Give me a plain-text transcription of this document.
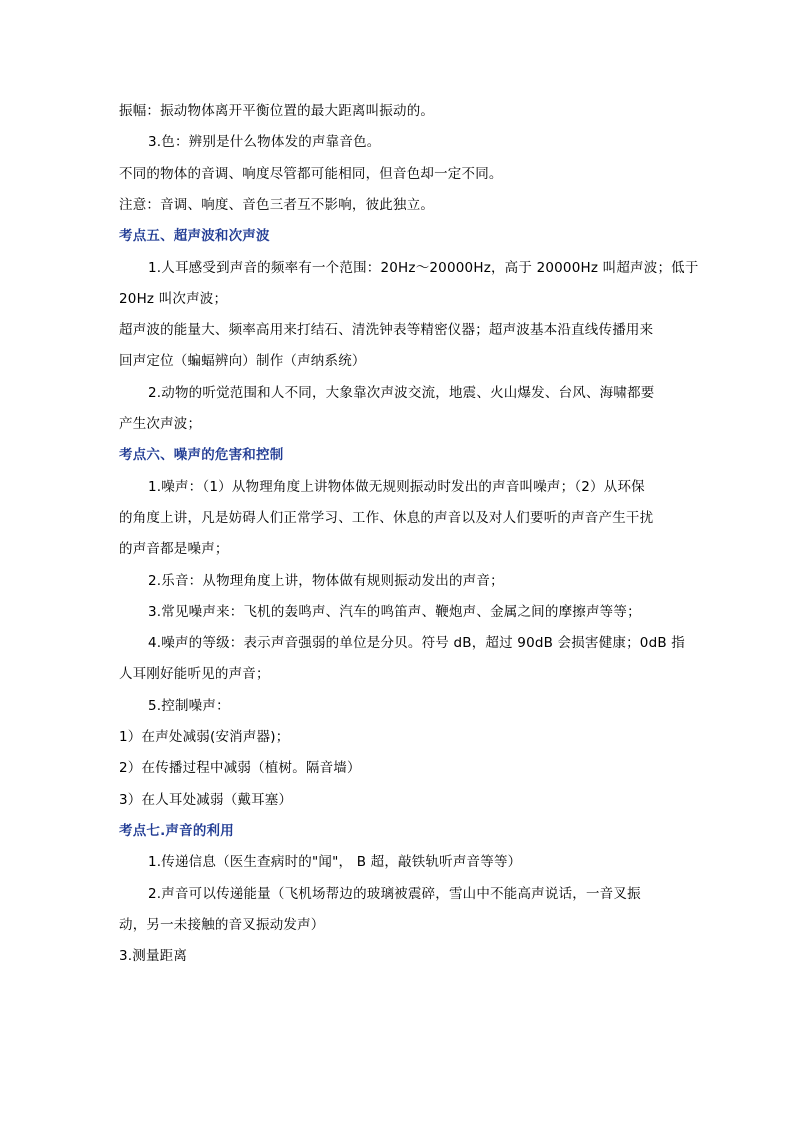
振幅：振动物体离开平衡位置的最大距离叫振动的。
3.色：辨别是什么物体发的声靠音色。
不同的物体的音调、响度尽管都可能相同，但音色却一定不同。
注意：音调、响度、音色三者互不影响，彼此独立。
考点五、超声波和次声波
1.人耳感受到声音的频率有一个范围：20Hz～20000Hz，高于 20000Hz 叫超声波；低于
20Hz 叫次声波；
超声波的能量大、频率高用来打结石、清洗钟表等精密仪器；超声波基本沿直线传播用来
回声定位（蝙蝠辨向）制作（声纳系统）
2.动物的听觉范围和人不同，大象靠次声波交流，地震、火山爆发、台风、海啸都要
产生次声波；
考点六、噪声的危害和控制
1.噪声：（1）从物理角度上讲物体做无规则振动时发出的声音叫噪声；（2）从环保
的角度上讲，凡是妨碍人们正常学习、工作、休息的声音以及对人们要听的声音产生干扰
的声音都是噪声；
2.乐音：从物理角度上讲，物体做有规则振动发出的声音；
3.常见噪声来：飞机的轰鸣声、汽车的鸣笛声、鞭炮声、金属之间的摩擦声等等；
4.噪声的等级：表示声音强弱的单位是分贝。符号 dB，超过 90dB 会损害健康；0dB 指
人耳刚好能听见的声音；
5.控制噪声：
1）在声处减弱(安消声器)；
2）在传播过程中减弱（植树。隔音墙）
3）在人耳处减弱（戴耳塞）
考点七.声音的利用
1.传递信息（医生查病时的"闻"， B 超，敲铁轨听声音等等）
2.声音可以传递能量（飞机场帮边的玻璃被震碎，雪山中不能高声说话，一音叉振
动，另一未接触的音叉振动发声）
3.测量距离
